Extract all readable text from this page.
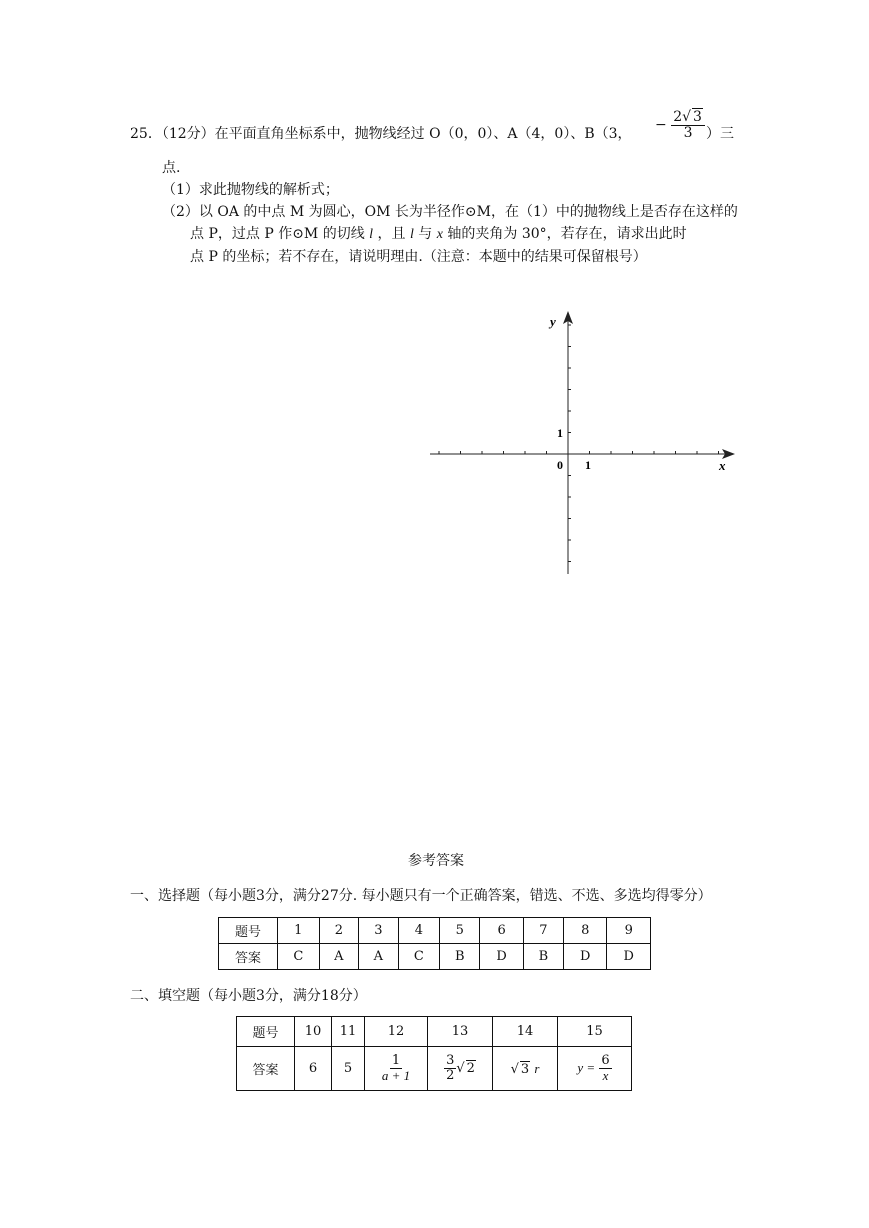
25．（12分）在平面直角坐标系中，抛物线经过 O（0，0）、A（4，0）、B（3，
− $\frac{2√ 3}{3}$ ）三
点.
（1）求此抛物线的解析式；
（2）以 OA 的中点 M 为圆心，OM 长为半径作⊙M，在（1）中的抛物线上是否存在这样的
点 P，过点 P 作⊙M 的切线 l ，且 l 与 x 轴的夹角为 30°，若存在，请求出此时
点 P 的坐标；若不存在，请说明理由.（注意：本题中的结果可保留根号）
y
x
0 1
1
参考答案
一、选择题（每小题3分，满分27分. 每小题只有一个正确答案，错选、不选、多选均得零分）
题号	1	2	3	4	5	6	7	8	9
答案	C	A	A	C	B	D	B	D	D
二、填空题（每小题3分，满分18分）
题号	10	11	12	13	14	15
答案	6	5	$\frac{1}{a + 1}$	$\frac{3}{2}$ √ 2	√ 3 r	$y = \frac{6}{x}$
